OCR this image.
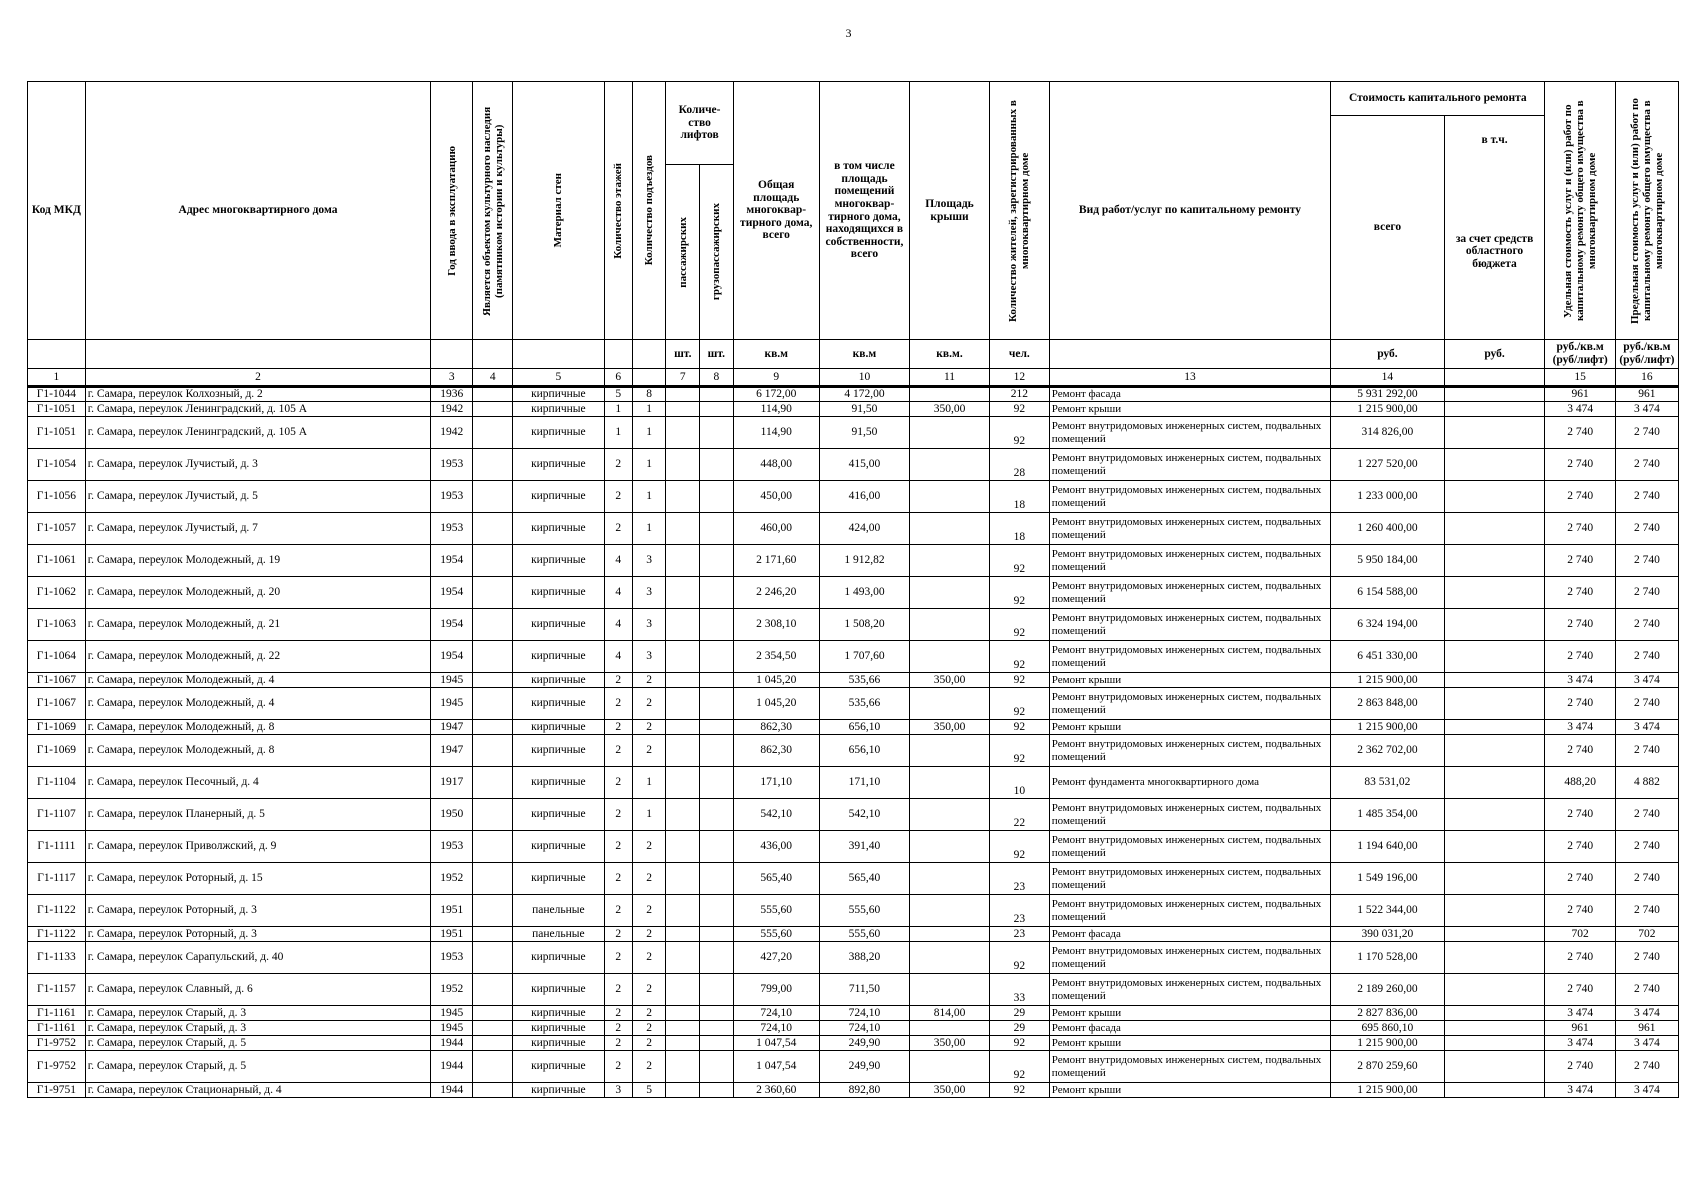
3
Код МКД	Адрес многоквартирного дома	Год ввода в эксплуатацию	Является объектом культурного наследия (памятником истории и культуры)	Материал стен	Количество этажей	Количество подъездов	Количе-ство лифтов		Общая площадь многоквар-тирного дома, всего	в том числе площадь помещений многоквар-тирного дома, находящихся в собственности, всего	Площадь крыши	Количество жителей, зарегистрированных в многоквартирном доме	Вид работ/услуг по капитальному ремонту	Стоимость капитального ремонта		Удельная стоимость услуг и (или) работ по капитальному ремонту общего имущества в многоквартирном доме	Предельная стоимость услуг и (или) работ по капитальному ремонту общего имущества в многоквартирном доме

														всего	в т.ч.		

							пассажирских	грузопассажирских							за счет средств областного бюджета		
							шт.	шт.	кв.м	кв.м	кв.м.	чел.		руб.	руб.	руб./кв.м (руб/лифт)	руб./кв.м (руб/лифт)
1	2	3	4	5	6		7	8	9	10	11	12	13	14		15	16
Г1-1044	г. Самара, переулок Колхозный, д. 2	1936		кирпичные	5	8			6 172,00	4 172,00		212	Ремонт фасада	5 931 292,00		961	961
Г1-1051	г. Самара, переулок Ленинградский, д. 105 А	1942		кирпичные	1	1			114,90	91,50	350,00	92	Ремонт крыши	1 215 900,00		3 474	3 474
Г1-1051	г. Самара, переулок Ленинградский, д. 105 А	1942		кирпичные	1	1			114,90	91,50		92	Ремонт внутридомовых инженерных систем, подвальных помещений	314 826,00		2 740	2 740
Г1-1054	г. Самара, переулок Лучистый, д. 3	1953		кирпичные	2	1			448,00	415,00		28	Ремонт внутридомовых инженерных систем, подвальных помещений	1 227 520,00		2 740	2 740
Г1-1056	г. Самара, переулок Лучистый, д. 5	1953		кирпичные	2	1			450,00	416,00		18	Ремонт внутридомовых инженерных систем, подвальных помещений	1 233 000,00		2 740	2 740
Г1-1057	г. Самара, переулок Лучистый, д. 7	1953		кирпичные	2	1			460,00	424,00		18	Ремонт внутридомовых инженерных систем, подвальных помещений	1 260 400,00		2 740	2 740
Г1-1061	г. Самара, переулок Молодежный, д. 19	1954		кирпичные	4	3			2 171,60	1 912,82		92	Ремонт внутридомовых инженерных систем, подвальных помещений	5 950 184,00		2 740	2 740
Г1-1062	г. Самара, переулок Молодежный, д. 20	1954		кирпичные	4	3			2 246,20	1 493,00		92	Ремонт внутридомовых инженерных систем, подвальных помещений	6 154 588,00		2 740	2 740
Г1-1063	г. Самара, переулок Молодежный, д. 21	1954		кирпичные	4	3			2 308,10	1 508,20		92	Ремонт внутридомовых инженерных систем, подвальных помещений	6 324 194,00		2 740	2 740
Г1-1064	г. Самара, переулок Молодежный, д. 22	1954		кирпичные	4	3			2 354,50	1 707,60		92	Ремонт внутридомовых инженерных систем, подвальных помещений	6 451 330,00		2 740	2 740
Г1-1067	г. Самара, переулок Молодежный, д. 4	1945		кирпичные	2	2			1 045,20	535,66	350,00	92	Ремонт крыши	1 215 900,00		3 474	3 474
Г1-1067	г. Самара, переулок Молодежный, д. 4	1945		кирпичные	2	2			1 045,20	535,66		92	Ремонт внутридомовых инженерных систем, подвальных помещений	2 863 848,00		2 740	2 740
Г1-1069	г. Самара, переулок Молодежный, д. 8	1947		кирпичные	2	2			862,30	656,10	350,00	92	Ремонт крыши	1 215 900,00		3 474	3 474
Г1-1069	г. Самара, переулок Молодежный, д. 8	1947		кирпичные	2	2			862,30	656,10		92	Ремонт внутридомовых инженерных систем, подвальных помещений	2 362 702,00		2 740	2 740
Г1-1104	г. Самара, переулок Песочный, д. 4	1917		кирпичные	2	1			171,10	171,10		10	Ремонт фундамента многоквартирного дома	83 531,02		488,20	4 882
Г1-1107	г. Самара, переулок Планерный, д. 5	1950		кирпичные	2	1			542,10	542,10		22	Ремонт внутридомовых инженерных систем, подвальных помещений	1 485 354,00		2 740	2 740
Г1-1111	г. Самара, переулок Приволжский, д. 9	1953		кирпичные	2	2			436,00	391,40		92	Ремонт внутридомовых инженерных систем, подвальных помещений	1 194 640,00		2 740	2 740
Г1-1117	г. Самара, переулок Роторный, д. 15	1952		кирпичные	2	2			565,40	565,40		23	Ремонт внутридомовых инженерных систем, подвальных помещений	1 549 196,00		2 740	2 740
Г1-1122	г. Самара, переулок Роторный, д. 3	1951		панельные	2	2			555,60	555,60		23	Ремонт внутридомовых инженерных систем, подвальных помещений	1 522 344,00		2 740	2 740
Г1-1122	г. Самара, переулок Роторный, д. 3	1951		панельные	2	2			555,60	555,60		23	Ремонт фасада	390 031,20		702	702
Г1-1133	г. Самара, переулок Сарапульский, д. 40	1953		кирпичные	2	2			427,20	388,20		92	Ремонт внутридомовых инженерных систем, подвальных помещений	1 170 528,00		2 740	2 740
Г1-1157	г. Самара, переулок Славный, д. 6	1952		кирпичные	2	2			799,00	711,50		33	Ремонт внутридомовых инженерных систем, подвальных помещений	2 189 260,00		2 740	2 740
Г1-1161	г. Самара, переулок Старый, д. 3	1945		кирпичные	2	2			724,10	724,10	814,00	29	Ремонт крыши	2 827 836,00		3 474	3 474
Г1-1161	г. Самара, переулок Старый, д. 3	1945		кирпичные	2	2			724,10	724,10		29	Ремонт фасада	695 860,10		961	961
Г1-9752	г. Самара, переулок Старый, д. 5	1944		кирпичные	2	2			1 047,54	249,90	350,00	92	Ремонт крыши	1 215 900,00		3 474	3 474
Г1-9752	г. Самара, переулок Старый, д. 5	1944		кирпичные	2	2			1 047,54	249,90		92	Ремонт внутридомовых инженерных систем, подвальных помещений	2 870 259,60		2 740	2 740
Г1-9751	г. Самара, переулок Стационарный, д. 4	1944		кирпичные	3	5			2 360,60	892,80	350,00	92	Ремонт крыши	1 215 900,00		3 474	3 474
